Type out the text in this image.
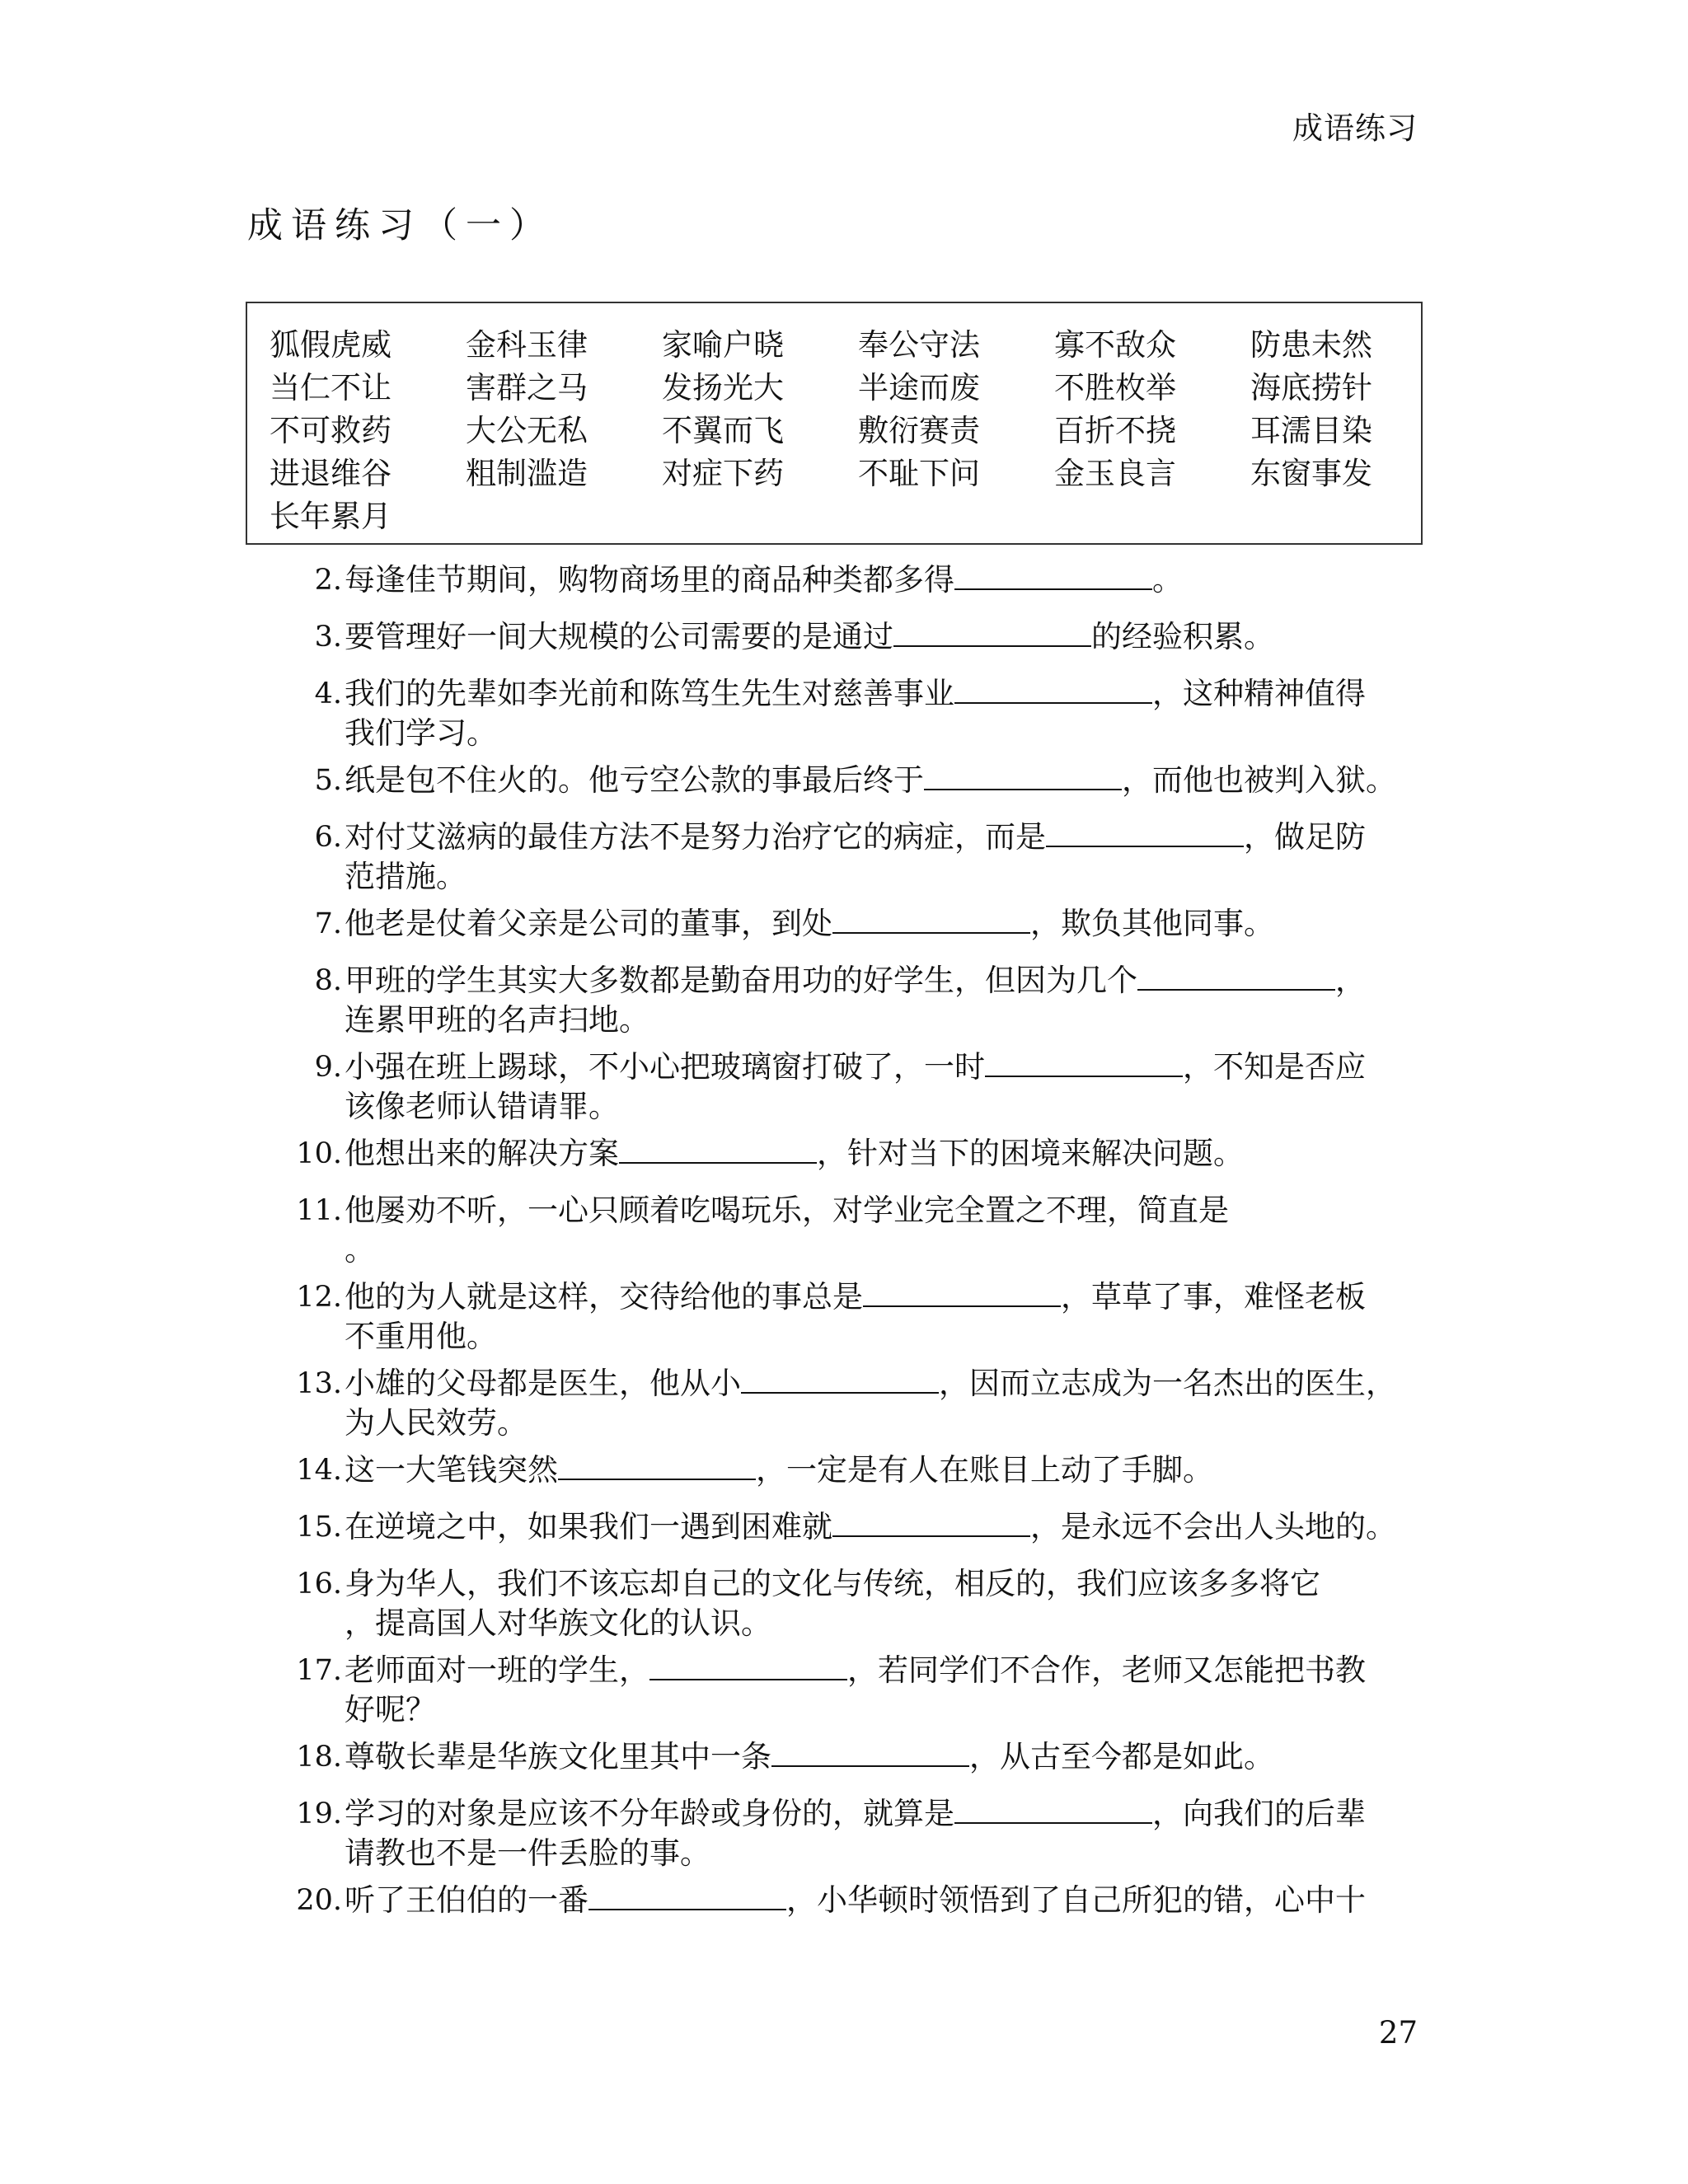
成语练习
成语练习（一）
狐假虎威	金科玉律	家喻户晓	奉公守法	寡不敌众	防患未然
当仁不让	害群之马	发扬光大	半途而废	不胜枚举	海底捞针
不可救药	大公无私	不翼而飞	敷衍赛责	百折不挠	耳濡目染
进退维谷	粗制滥造	对症下药	不耻下问	金玉良言	东窗事发
长年累月
2. 每逢佳节期间，购物商场里的商品种类都多得	。
3. 要管理好一间大规模的公司需要的是通过	的经验积累。
4. 我们的先辈如李光前和陈笃生先生对慈善事业	，这种精神值得
我们学习。
5. 纸是包不住火的。他亏空公款的事最后终于	，而他也被判入狱。
6. 对付艾滋病的最佳方法不是努力治疗它的病症，而是	，做足防
范措施。
7. 他老是仗着父亲是公司的董事，到处	，欺负其他同事。
8. 甲班的学生其实大多数都是勤奋用功的好学生，但因为几个	，
连累甲班的名声扫地。
9. 小强在班上踢球，不小心把玻璃窗打破了，一时	，不知是否应
该像老师认错请罪。
10. 他想出来的解决方案	，针对当下的困境来解决问题。
11. 他屡劝不听，一心只顾着吃喝玩乐，对学业完全置之不理，简直是
。
12. 他的为人就是这样，交待给他的事总是	，草草了事，难怪老板
不重用他。
13. 小雄的父母都是医生，他从小	，因而立志成为一名杰出的医生，
为人民效劳。
14. 这一大笔钱突然	，一定是有人在账目上动了手脚。
15. 在逆境之中，如果我们一遇到困难就	，是永远不会出人头地的。
16. 身为华人，我们不该忘却自己的文化与传统，相反的，我们应该多多将它
，提高国人对华族文化的认识。
17. 老师面对一班的学生，	，若同学们不合作，老师又怎能把书教
好呢？
18. 尊敬长辈是华族文化里其中一条	，从古至今都是如此。
19. 学习的对象是应该不分年龄或身份的，就算是	，向我们的后辈
请教也不是一件丢脸的事。
20. 听了王伯伯的一番	，小华顿时领悟到了自己所犯的错，心中十
27
